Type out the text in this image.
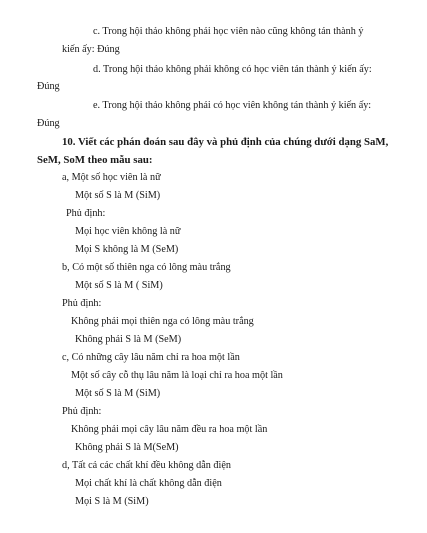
c. Trong hội thảo không phải học viên nào cũng không tán thành ý
kiến ấy: Đúng
d. Trong hội thảo không phải không có học viên tán thành ý kiến ấy:
Đúng
e. Trong hội thảo không phải có học viên không tán thành ý kiến ấy:
Đúng
10. Viết các phán đoán sau đây và phủ định của chúng dưới dạng SaM,
SeM, SoM theo mẫu sau:
a, Một số học viên là nữ
Một số S là M (SiM)
Phủ định:
Mọi học viên không là nữ
Mọi S không là M (SeM)
b, Có một số thiên nga có lông màu trắng
Một số S là M ( SiM)
Phủ định:
Không phải mọi thiên nga có lông màu trắng
Không phải S là M (SeM)
c, Có những cây lâu năm chỉ ra hoa một lần
Một số cây cỗ thụ lâu năm là loại chỉ ra hoa một lần
Một số S là M (SiM)
Phủ định:
Không phải mọi cây lâu năm đều ra hoa một lần
Không phải S là M(SeM)
d, Tất cả các chất khí đều không dẫn điện
Mọi chất khí là chất không dẫn điện
Mọi S là M (SiM)
